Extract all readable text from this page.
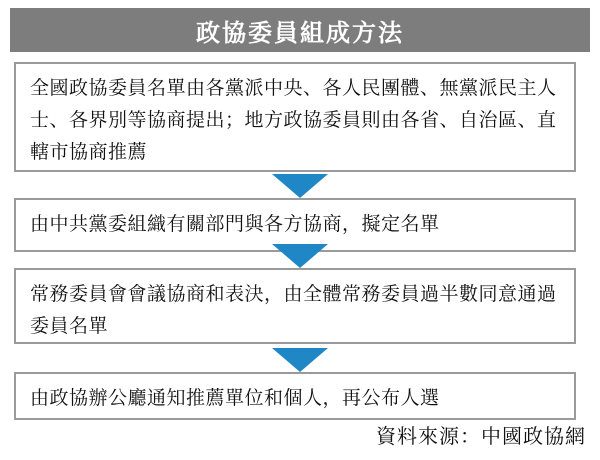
政協委員組成方法
全國政協委員名單由各黨派中央、各人民團體、無黨派民主人士、各界別等協商提出；地方政協委員則由各省、自治區、直轄市協商推薦
由中共黨委組織有關部門與各方協商，擬定名單
常務委員會會議協商和表決，由全體常務委員過半數同意通過委員名單
由政協辦公廳通知推薦單位和個人，再公布人選
資料來源：中國政協網
